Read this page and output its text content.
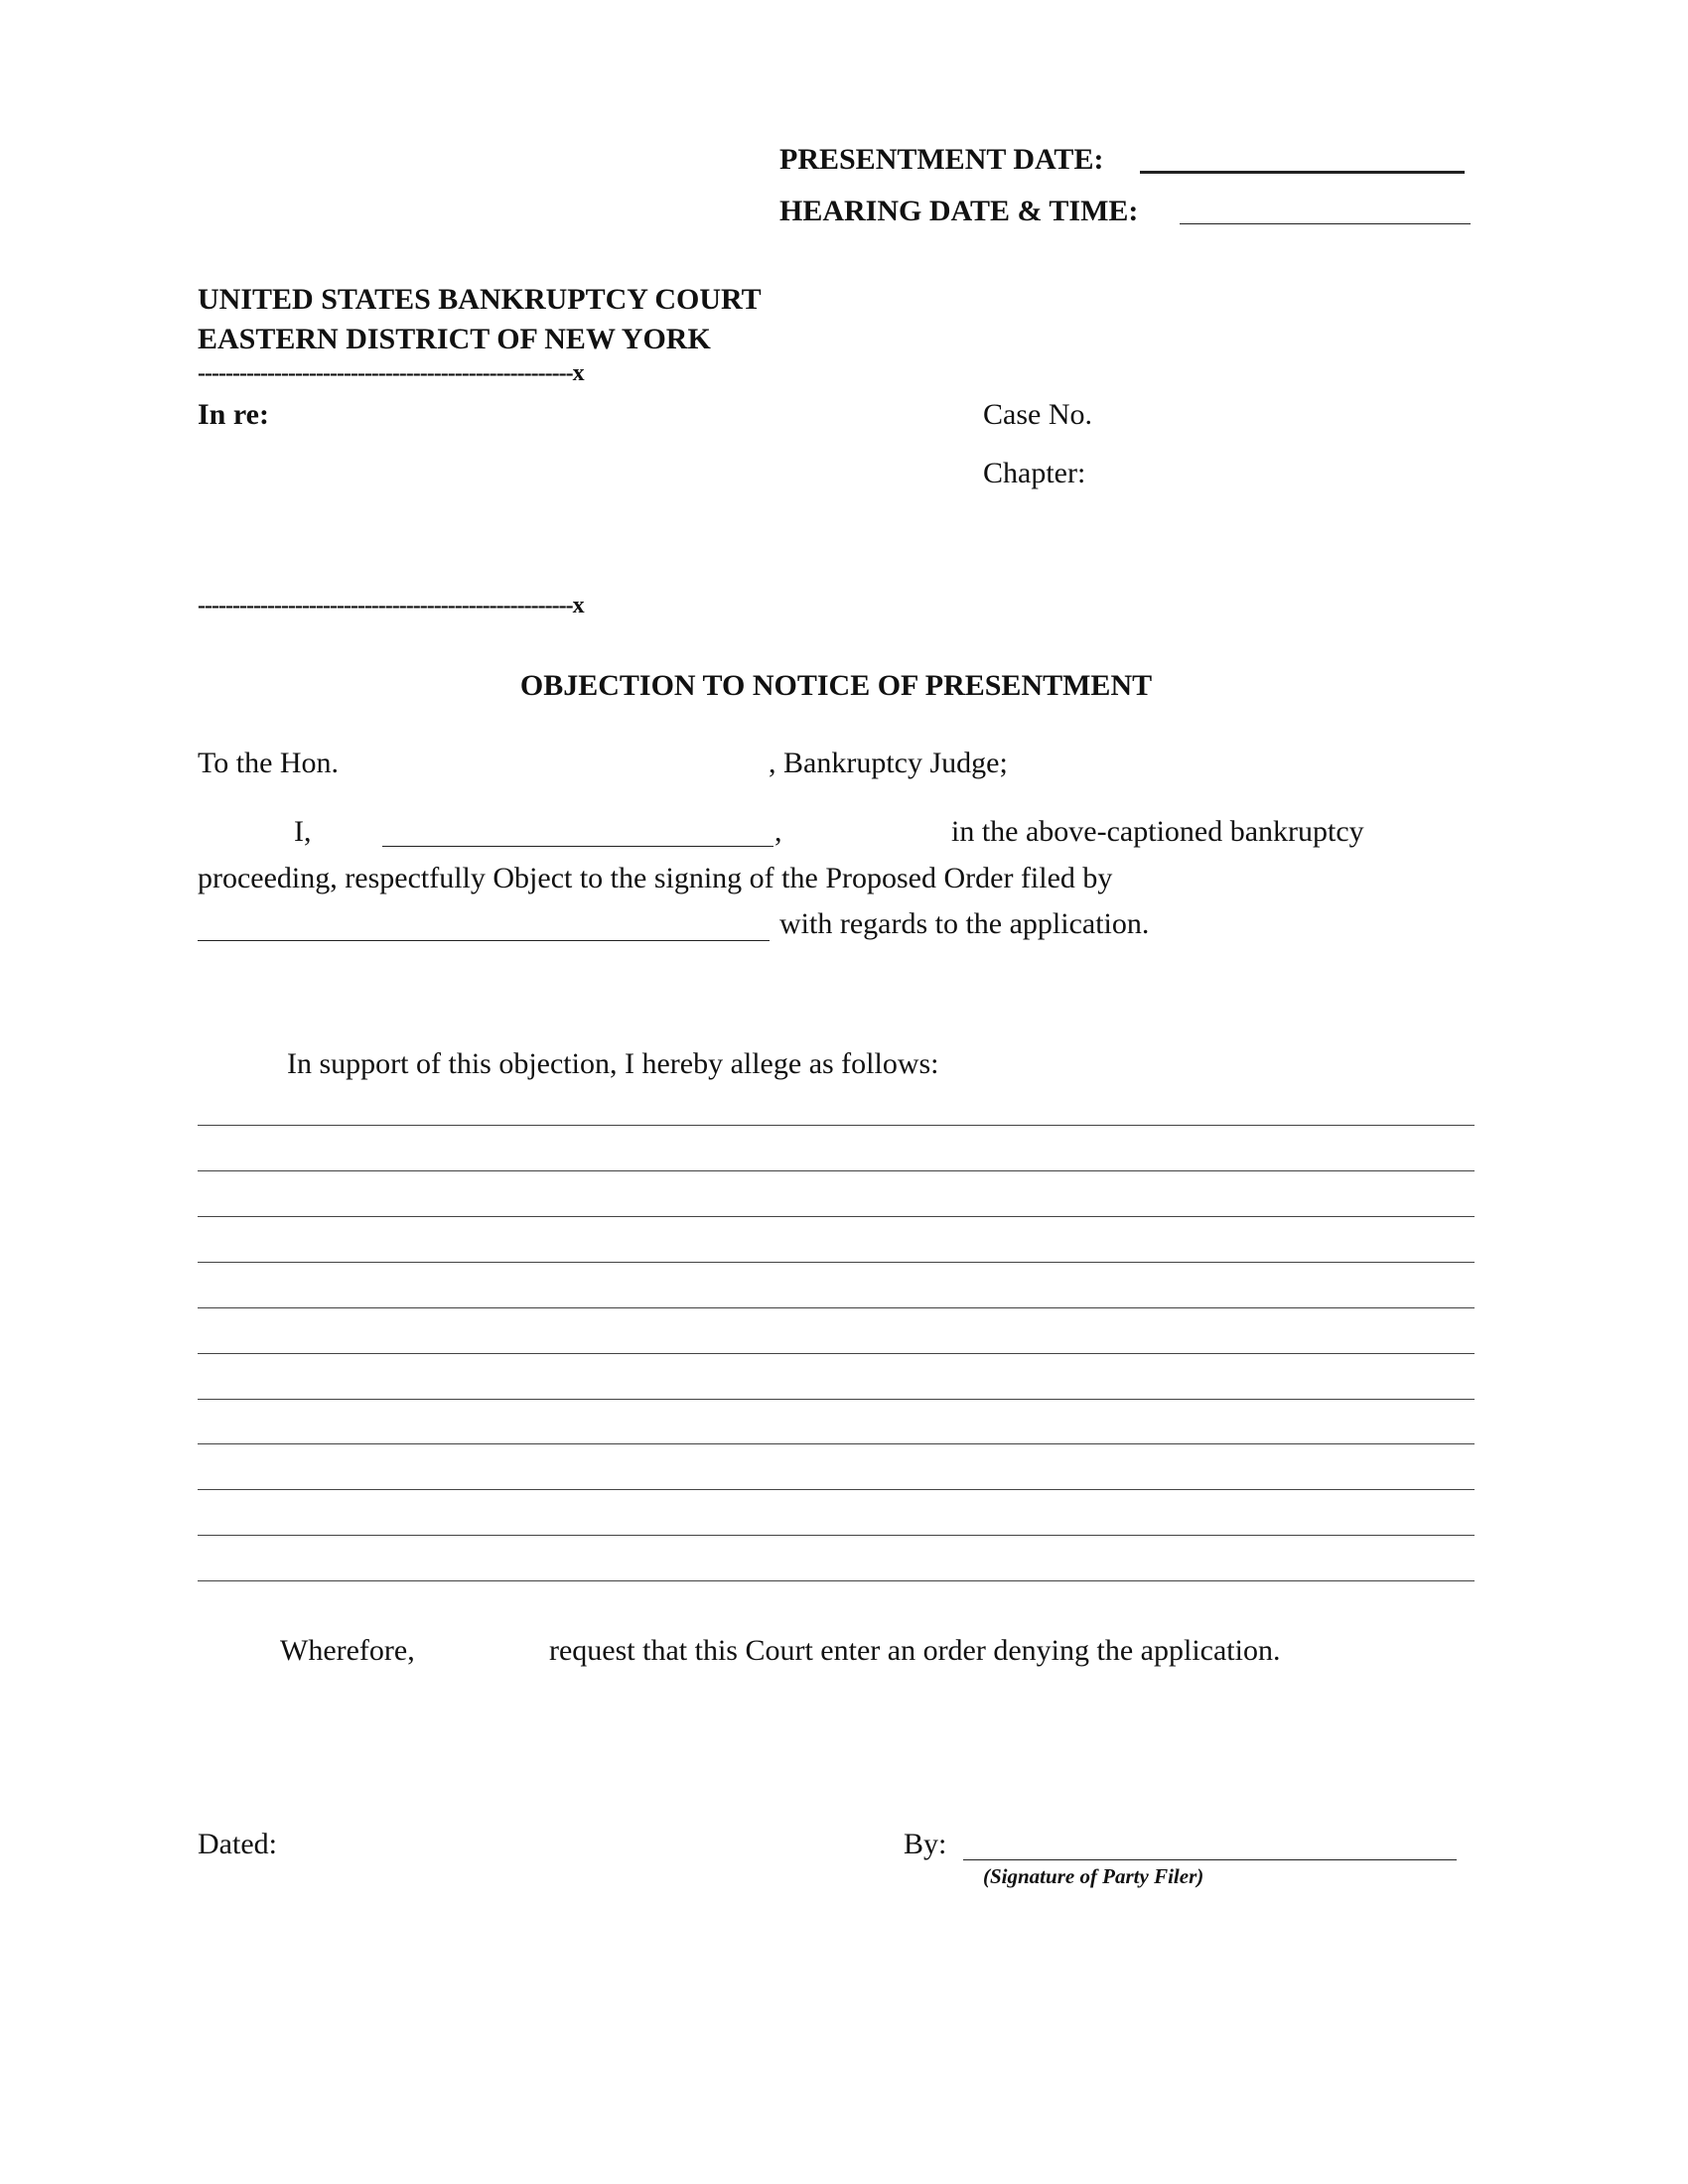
PRESENTMENT DATE:
HEARING DATE & TIME:
UNITED STATES BANKRUPTCY COURT
EASTERN DISTRICT OF NEW YORK
------------------------------------------------------x
In re:	Case No.
Chapter:
------------------------------------------------------x
OBJECTION TO NOTICE OF PRESENTMENT
To the Hon.	, Bankruptcy Judge;
I,	,	in the above-captioned bankruptcy
proceeding, respectfully Object to the signing of the Proposed Order filed by
with regards to the application.
In support of this objection, I hereby allege as follows:
Wherefore,	request that this Court enter an order denying the application.
Dated:	By:
(Signature of Party Filer)
